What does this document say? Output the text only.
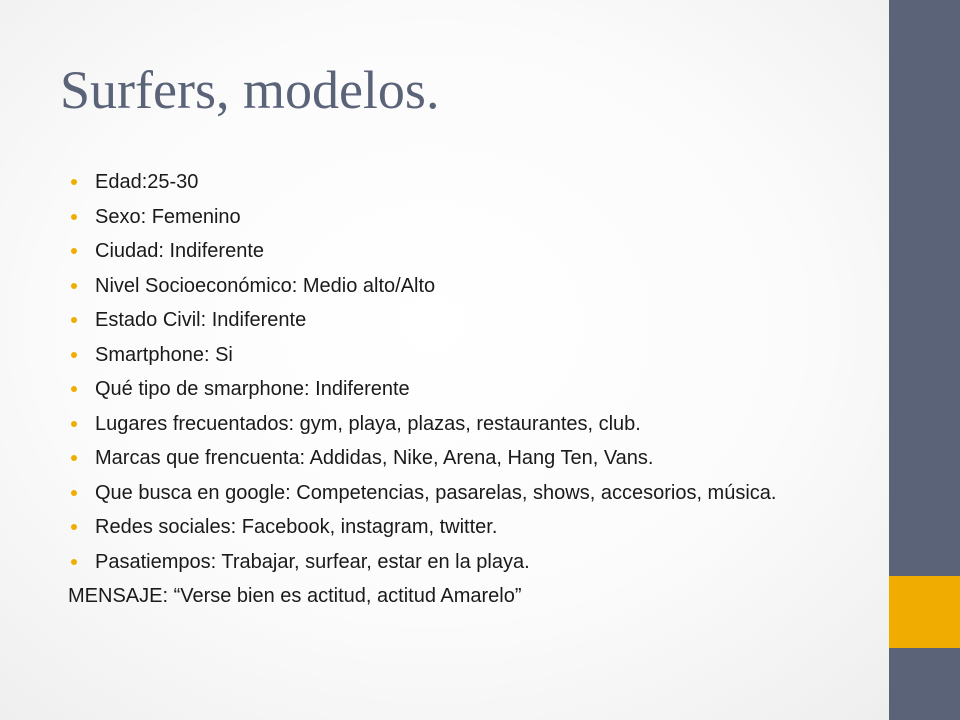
Surfers, modelos.
Edad:25-30
Sexo: Femenino
Ciudad: Indiferente
Nivel Socioeconómico: Medio alto/Alto
Estado Civil: Indiferente
Smartphone: Si
Qué tipo de smarphone: Indiferente
Lugares frecuentados: gym, playa, plazas, restaurantes, club.
Marcas que frencuenta: Addidas, Nike, Arena, Hang Ten, Vans.
Que busca en google: Competencias, pasarelas, shows, accesorios, música.
Redes sociales: Facebook, instagram, twitter.
Pasatiempos: Trabajar, surfear, estar en la playa.

MENSAJE: “Verse bien es actitud, actitud Amarelo”
